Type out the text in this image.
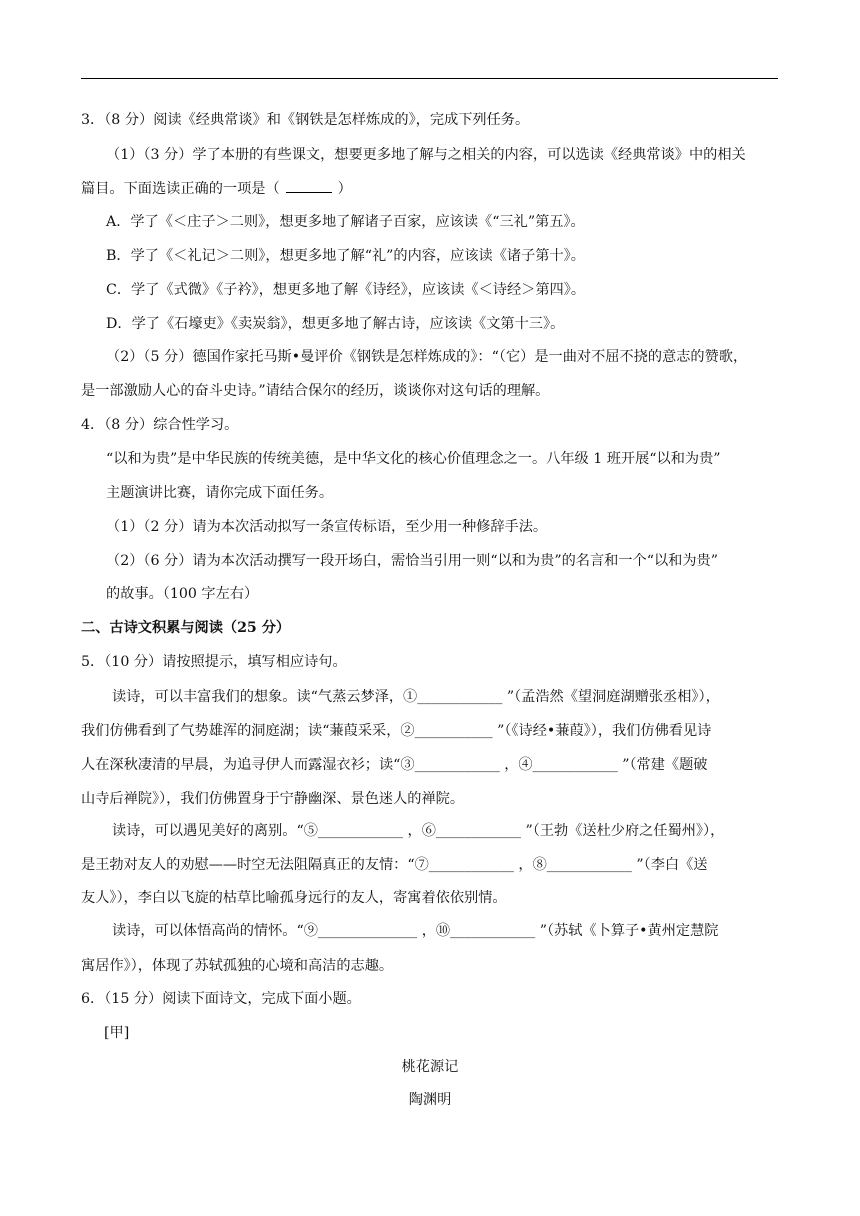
3．（8 分）阅读《经典常谈》和《钢铁是怎样炼成的》，完成下列任务。
（1）（3 分）学了本册的有些课文，想要更多地了解与之相关的内容，可以选读《经典常谈》中的相关
篇目。下面选读正确的一项是（	）
A．学了《＜庄子＞二则》，想更多地了解诸子百家，应该读《“三礼”第五》。
B．学了《＜礼记＞二则》，想更多地了解“礼”的内容，应该读《诸子第十》。
C．学了《式微》《子衿》，想更多地了解《诗经》，应该读《＜诗经＞第四》。
D．学了《石壕吏》《卖炭翁》，想更多地了解古诗，应该读《文第十三》。
（2）（5 分）德国作家托马斯•曼评价《钢铁是怎样炼成的》：“（它）是一曲对不屈不挠的意志的赞歌，
是一部激励人心的奋斗史诗。”请结合保尔的经历，谈谈你对这句话的理解。
4．（8 分）综合性学习。
“以和为贵”是中华民族的传统美德，是中华文化的核心价值理念之一。八年级 1 班开展“以和为贵”
主题演讲比赛，请你完成下面任务。
（1）（2 分）请为本次活动拟写一条宣传标语，至少用一种修辞手法。
（2）（6 分）请为本次活动撰写一段开场白，需恰当引用一则“以和为贵”的名言和一个“以和为贵”
的故事。（100 字左右）
二、古诗文积累与阅读（25 分）
5．（10 分）请按照提示，填写相应诗句。
读诗，可以丰富我们的想象。读“气蒸云梦泽，①____________ ”（孟浩然《望洞庭湖赠张丞相》），
我们仿佛看到了气势雄浑的洞庭湖；读“蒹葭采采，②___________ ”（《诗经•蒹葭》），我们仿佛看见诗
人在深秋凄清的早晨，为追寻伊人而露湿衣衫；读“③____________ ，④____________ ”（常建《题破
山寺后禅院》），我们仿佛置身于宁静幽深、景色迷人的禅院。
读诗，可以遇见美好的离别。“⑤____________ ，⑥____________ ”（王勃《送杜少府之任蜀州》），
是王勃对友人的劝慰——时空无法阻隔真正的友情：“⑦____________ ，⑧____________ ”（李白《送
友人》），李白以飞旋的枯草比喻孤身远行的友人，寄寓着依依别情。
读诗，可以体悟高尚的情怀。“⑨______________ ，⑩____________ ”（苏轼《卜算子•黄州定慧院
寓居作》），体现了苏轼孤独的心境和高洁的志趣。
6．（15 分）阅读下面诗文，完成下面小题。
[甲]
桃花源记
陶渊明
